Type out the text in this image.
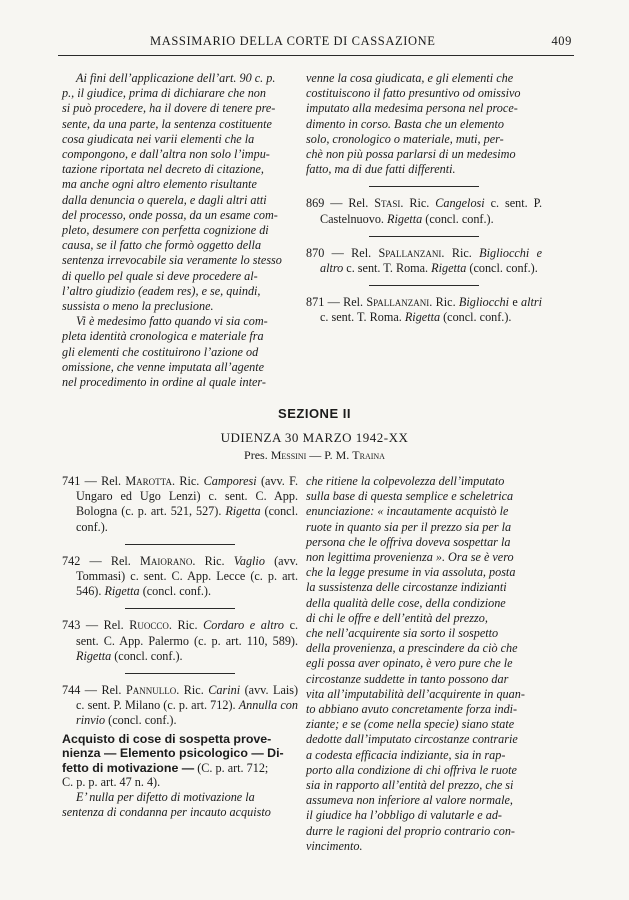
MASSIMARIO DELLA CORTE DI CASSAZIONE	409
Ai fini dell’applicazione dell’art. 90 c. p.
p., il giudice, prima di dichiarare che non
si può procedere, ha il dovere di tenere pre-
sente, da una parte, la sentenza costituente
cosa giudicata nei varii elementi che la
compongono, e dall’altra non solo l’impu-
tazione riportata nel decreto di citazione,
ma anche ogni altro elemento risultante
dalla denuncia o querela, e dagli altri atti
del processo, onde possa, da un esame com-
pleto, desumere con perfetta cognizione di
causa, se il fatto che formò oggetto della
sentenza irrevocabile sia veramente lo stesso
di quello pel quale si deve procedere al-
l’altro giudizio (eadem res), e se, quindi,
sussista o meno la preclusione.
Vi è medesimo fatto quando vi sia com-
pleta identità cronologica e materiale fra
gli elementi che costituirono l’azione od
omissione, che venne imputata all’agente
nel procedimento in ordine al quale inter-
venne la cosa giudicata, e gli elementi che
costituiscono il fatto presuntivo od omissivo
imputato alla medesima persona nel proce-
dimento in corso. Basta che un elemento
solo, cronologico o materiale, muti, per-
chè non più possa parlarsi di un medesimo
fatto, ma di due fatti differenti.

869 — Rel. Stasi. Ric. Cangelosi c. sent. P. Castelnuovo. Rigetta (concl. conf.).

870 — Rel. Spallanzani. Ric. Bigliocchi e altro c. sent. T. Roma. Rigetta (concl. conf.).

871 — Rel. Spallanzani. Ric. Bigliocchi e altri c. sent. T. Roma. Rigetta (concl. conf.).

SEZIONE II
UDIENZA 30 MARZO 1942-XX
Pres. Messini — P. M. Traina

741 — Rel. Marotta. Ric. Camporesi (avv. F. Ungaro ed Ugo Lenzi) c. sent. C. App. Bologna (c. p. art. 521, 527). Rigetta (concl. conf.).

742 — Rel. Maiorano. Ric. Vaglio (avv. Tommasi) c. sent. C. App. Lecce (c. p. art. 546). Rigetta (concl. conf.).

743 — Rel. Ruocco. Ric. Cordaro e altro c. sent. C. App. Palermo (c. p. art. 110, 589). Rigetta (concl. conf.).

744 — Rel. Pannullo. Ric. Carini (avv. Lais) c. sent. P. Milano (c. p. art. 712). Annulla con rinvio (concl. conf.).

Acquisto di cose di sospetta prove-
nienza — Elemento psicologico — Di-
fetto di motivazione — (C. p. art. 712;
C. p. p. art. 47 n. 4).

E’ nulla per difetto di motivazione la
sentenza di condanna per incauto acquisto
che ritiene la colpevolezza dell’imputato
sulla base di questa semplice e scheletrica
enunciazione: « incautamente acquistò le
ruote in quanto sia per il prezzo sia per la
persona che le offriva doveva sospettar la
non legittima provenienza ». Ora se è vero
che la legge presume in via assoluta, posta
la sussistenza delle circostanze indizianti
della qualità delle cose, della condizione
di chi le offre e dell’entità del prezzo,
che nell’acquirente sia sorto il sospetto
della provenienza, a prescindere da ciò che
egli possa aver opinato, è vero pure che le
circostanze suddette in tanto possono dar
vita all’imputabilità dell’acquirente in quan-
to abbiano avuto concretamente forza indi-
ziante; e se (come nella specie) siano state
dedotte dall’imputato circostanze contrarie
a codesta efficacia indiziante, sia in rap-
porto alla condizione di chi offriva le ruote
sia in rapporto all’entità del prezzo, che si
assumeva non inferiore al valore normale,
il giudice ha l’obbligo di valutarle e ad-
durre le ragioni del proprio contrario con-
vincimento.
